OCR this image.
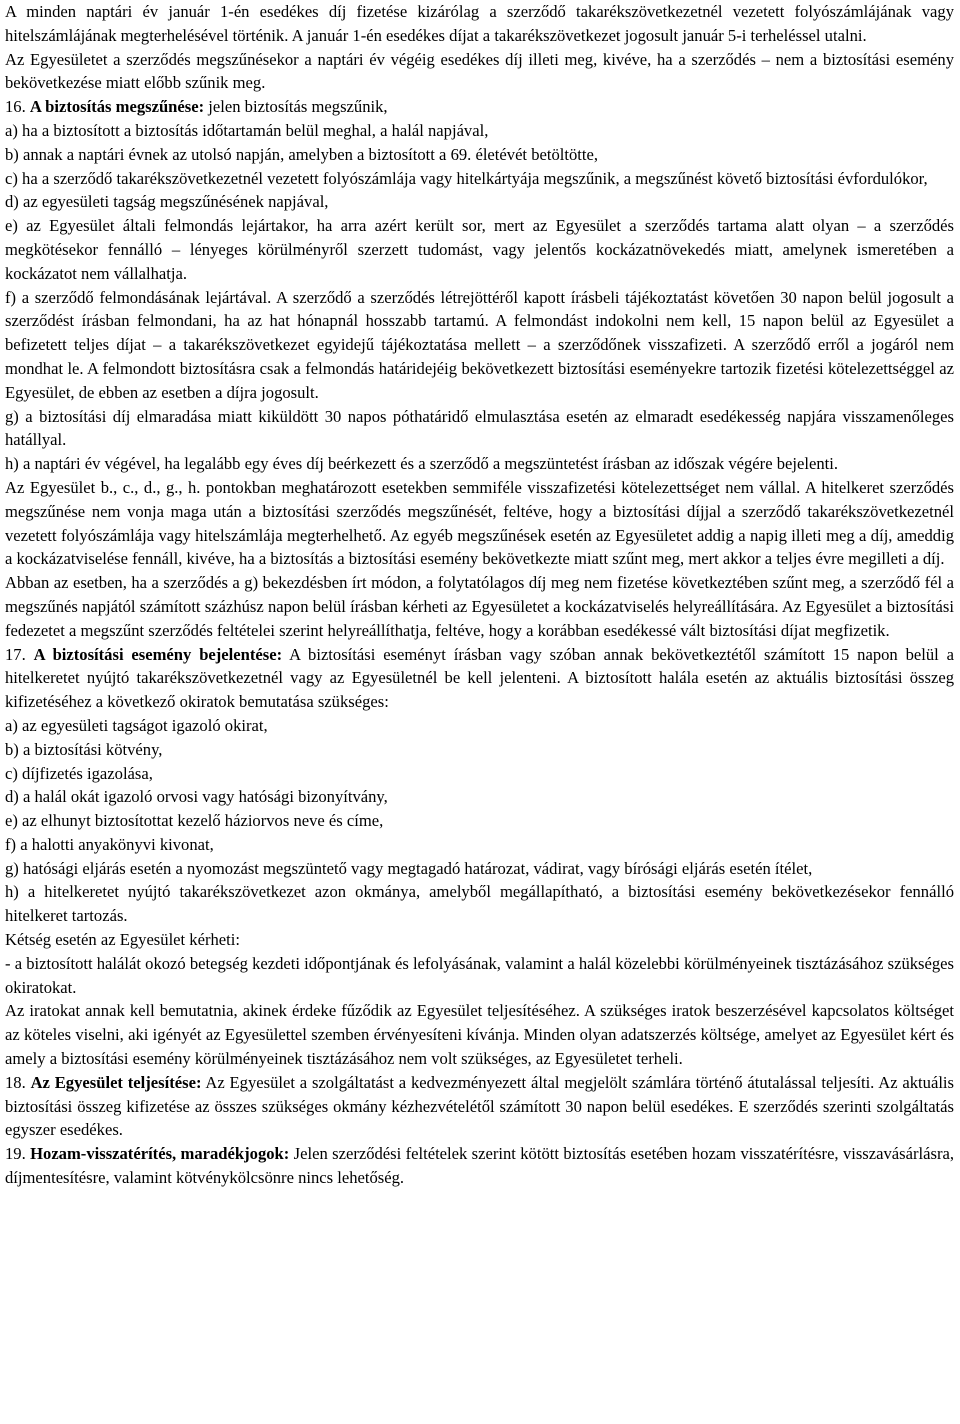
A minden naptári év január 1-én esedékes díj fizetése kizárólag a szerződő takarékszövetkezetnél vezetett folyószámlájának vagy hitelszámlájának megterhelésével történik. A január 1-én esedékes díjat a takarékszövetkezet jogosult január 5-i terheléssel utalni.

Az Egyesületet a szerződés megszűnésekor a naptári év végéig esedékes díj illeti meg, kivéve, ha a szerződés – nem a biztosítási esemény bekövetkezése miatt előbb szűnik meg.

16. A biztosítás megszűnése: jelen biztosítás megszűnik,

a) ha a biztosított a biztosítás időtartamán belül meghal, a halál napjával,

b) annak a naptári évnek az utolsó napján, amelyben a biztosított a 69. életévét betöltötte,

c) ha a szerződő takarékszövetkezetnél vezetett folyószámlája vagy hitelkártyája megszűnik, a megszűnést követő biztosítási évfordulókor,

d) az egyesületi tagság megszűnésének napjával,

e) az Egyesület általi felmondás lejártakor, ha arra azért került sor, mert az Egyesület a szerződés tartama alatt olyan – a szerződés megkötésekor fennálló – lényeges körülményről szerzett tudomást, vagy jelentős kockázatnövekedés miatt, amelynek ismeretében a kockázatot nem vállalhatja.

f) a szerződő felmondásának lejártával. A szerződő a szerződés létrejöttéről kapott írásbeli tájékoztatást követően 30 napon belül jogosult a szerződést írásban felmondani, ha az hat hónapnál hosszabb tartamú. A felmondást indokolni nem kell, 15 napon belül az Egyesület a befizetett teljes díjat – a takarékszövetkezet egyidejű tájékoztatása mellett – a szerződőnek visszafizeti. A szerződő erről a jogáról nem mondhat le. A felmondott biztosításra csak a felmondás határidejéig bekövetkezett biztosítási eseményekre tartozik fizetési kötelezettséggel az Egyesület, de ebben az esetben a díjra jogosult.

g) a biztosítási díj elmaradása miatt kiküldött 30 napos póthatáridő elmulasztása esetén az elmaradt esedékesség napjára visszamenőleges hatállyal.

h) a naptári év végével, ha legalább egy éves díj beérkezett és a szerződő a megszüntetést írásban az időszak végére bejelenti.

Az Egyesület b., c., d., g., h. pontokban meghatározott esetekben semmiféle visszafizetési kötelezettséget nem vállal. A hitelkeret szerződés megszűnése nem vonja maga után a biztosítási szerződés megszűnését, feltéve, hogy a biztosítási díjjal a szerződő takarékszövetkezetnél vezetett folyószámlája vagy hitelszámlája megterhelhető. Az egyéb megszűnések esetén az Egyesületet addig a napig illeti meg a díj, ameddig a kockázatviselése fennáll, kivéve, ha a biztosítás a biztosítási esemény bekövetkezte miatt szűnt meg, mert akkor a teljes évre megilleti a díj.

Abban az esetben, ha a szerződés a g) bekezdésben írt módon, a folytatólagos díj meg nem fizetése következtében szűnt meg, a szerződő fél a megszűnés napjától számított százhúsz napon belül írásban kérheti az Egyesületet a kockázatviselés helyreállítására. Az Egyesület a biztosítási fedezetet a megszűnt szerződés feltételei szerint helyreállíthatja, feltéve, hogy a korábban esedékessé vált biztosítási díjat megfizetik.

17. A biztosítási esemény bejelentése: A biztosítási eseményt írásban vagy szóban annak bekövetkeztétől számított 15 napon belül a hitelkeretet nyújtó takarékszövetkezetnél vagy az Egyesületnél be kell jelenteni. A biztosított halála esetén az aktuális biztosítási összeg kifizetéséhez a következő okiratok bemutatása szükséges:

a) az egyesületi tagságot igazoló okirat,

b) a biztosítási kötvény,

c) díjfizetés igazolása,

d) a halál okát igazoló orvosi vagy hatósági bizonyítvány,

e) az elhunyt biztosítottat kezelő háziorvos neve és címe,

f) a halotti anyakönyvi kivonat,

g) hatósági eljárás esetén a nyomozást megszüntető vagy megtagadó határozat, vádirat, vagy bírósági eljárás esetén ítélet,

h) a hitelkeretet nyújtó takarékszövetkezet azon okmánya, amelyből megállapítható, a biztosítási esemény bekövetkezésekor fennálló hitelkeret tartozás.

Kétség esetén az Egyesület kérheti:

- a biztosított halálát okozó betegség kezdeti időpontjának és lefolyásának, valamint a halál közelebbi körülményeinek tisztázásához szükséges okiratokat.

Az iratokat annak kell bemutatnia, akinek érdeke fűződik az Egyesület teljesítéséhez. A szükséges iratok beszerzésével kapcsolatos költséget az köteles viselni, aki igényét az Egyesülettel szemben érvényesíteni kívánja. Minden olyan adatszerzés költsége, amelyet az Egyesület kért és amely a biztosítási esemény körülményeinek tisztázásához nem volt szükséges, az Egyesületet terheli.

18. Az Egyesület teljesítése: Az Egyesület a szolgáltatást a kedvezményezett által megjelölt számlára történő átutalással teljesíti. Az aktuális biztosítási összeg kifizetése az összes szükséges okmány kézhezvételétől számított 30 napon belül esedékes. E szerződés szerinti szolgáltatás egyszer esedékes.

19. Hozam-visszatérítés, maradékjogok: Jelen szerződési feltételek szerint kötött biztosítás esetében hozam visszatérítésre, visszavásárlásra, díjmentesítésre, valamint kötvénykölcsönre nincs lehetőség.
